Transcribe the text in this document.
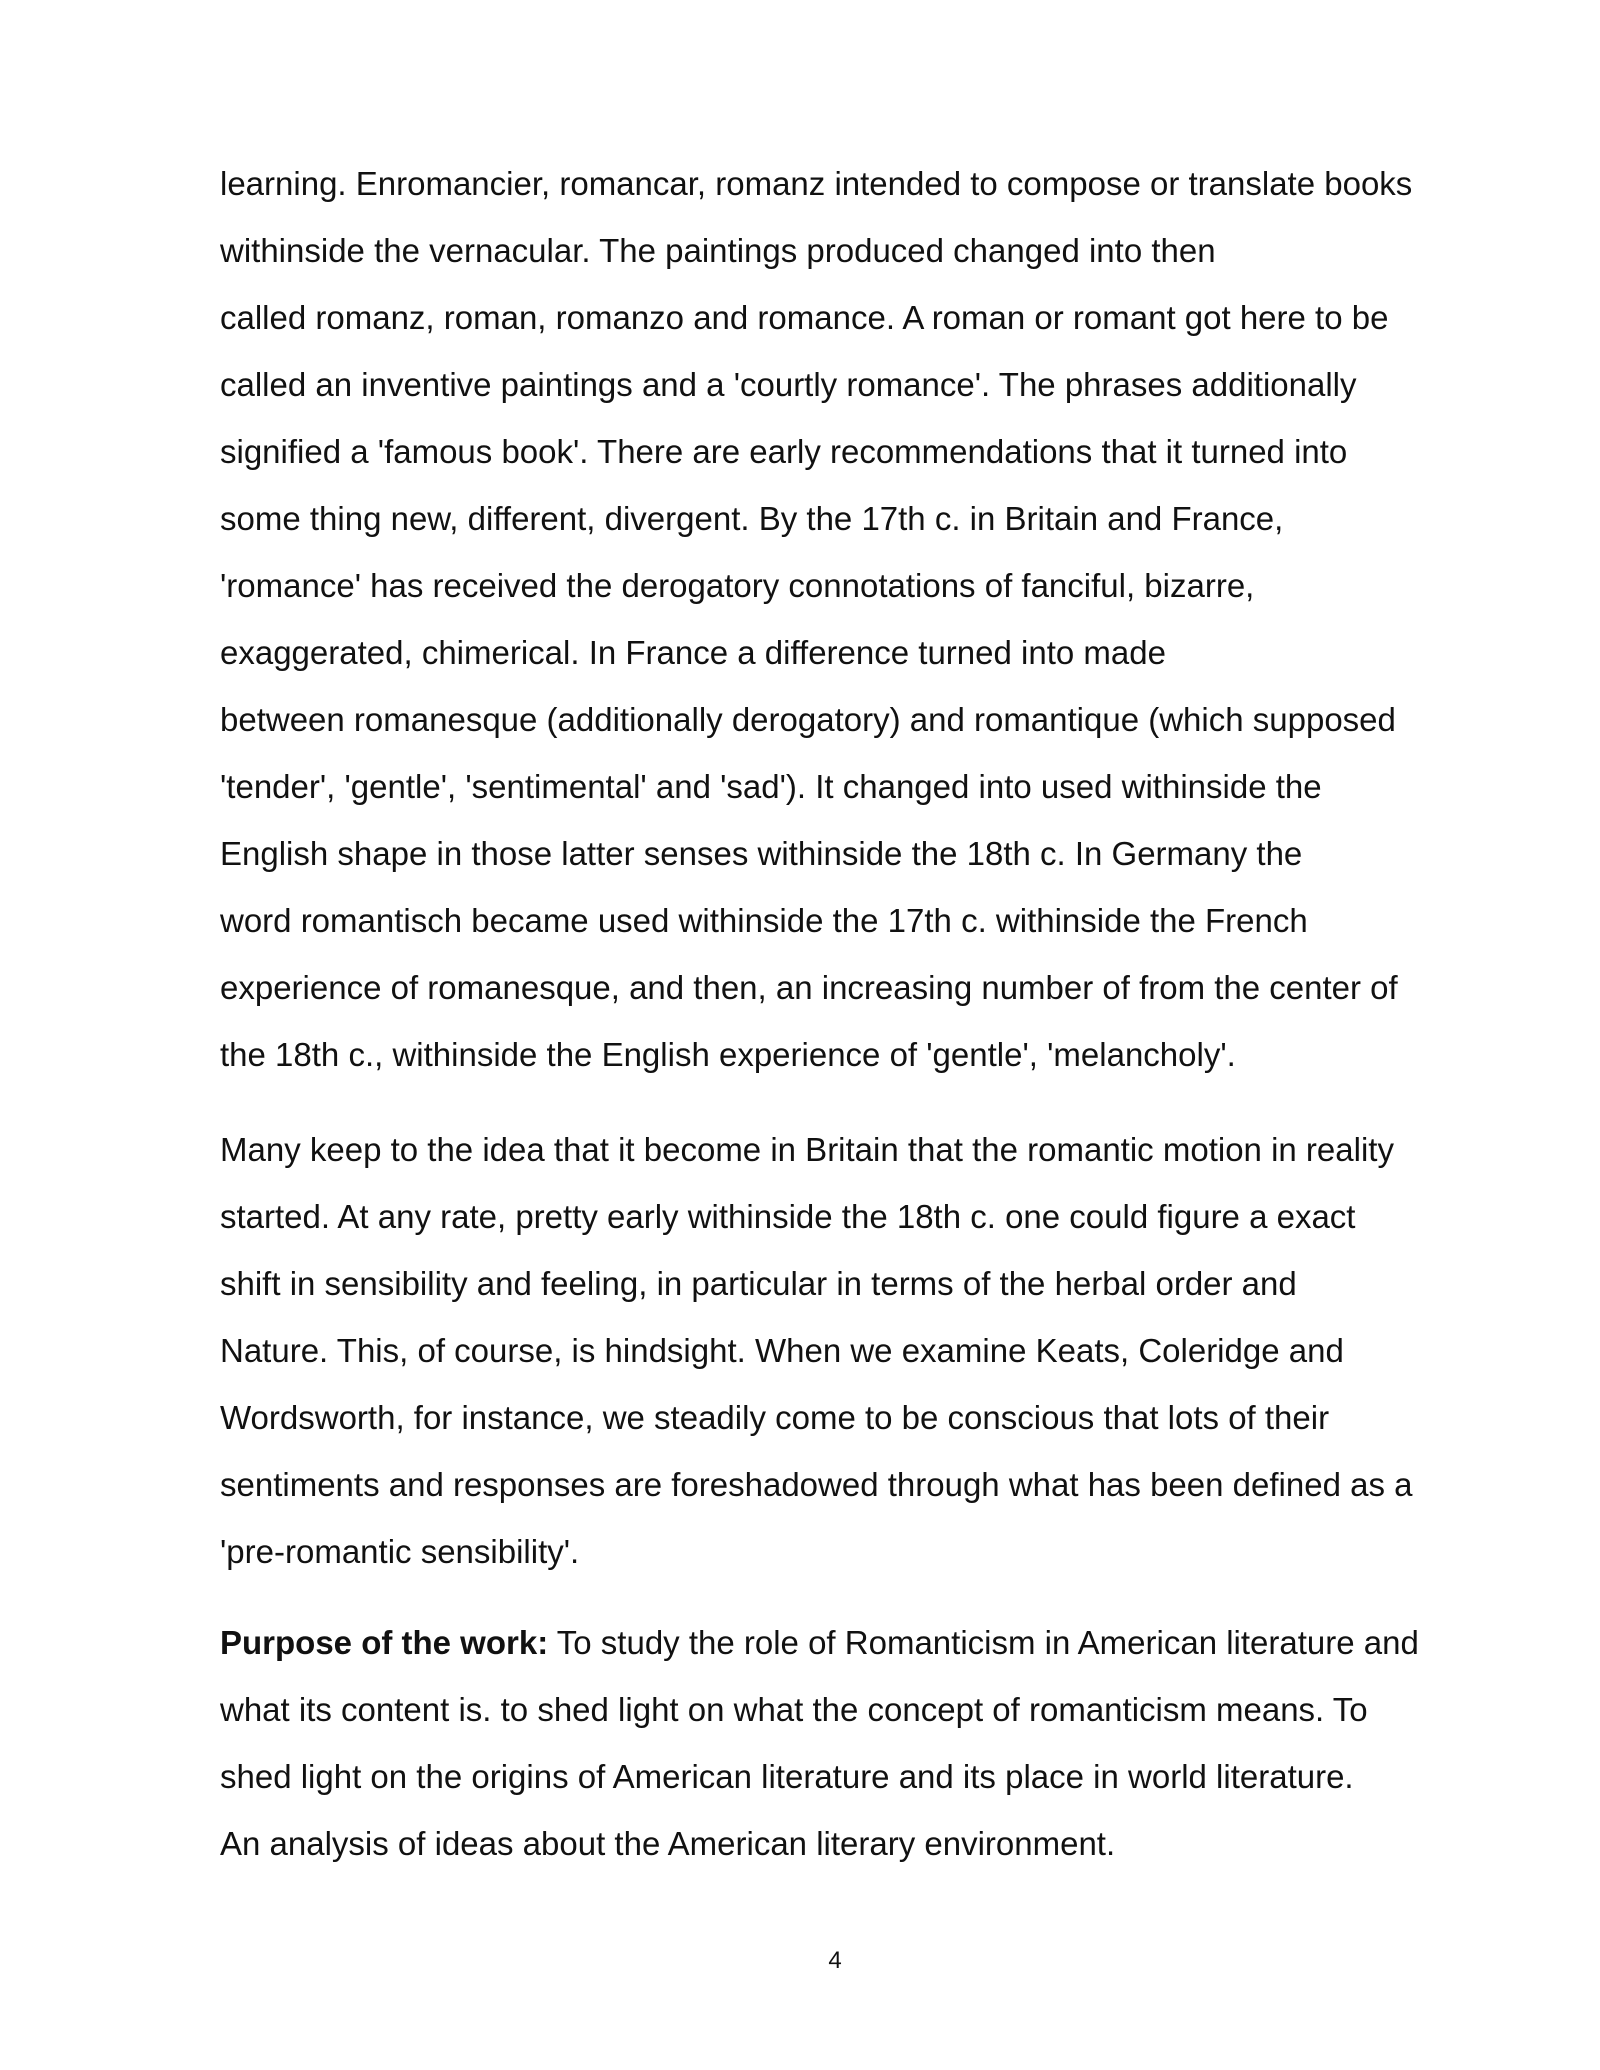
learning. Enromancier, romancar, romanz intended to compose or translate books
withinside the vernacular. The paintings produced changed into then
called romanz, roman, romanzo and romance. A roman or romant got here to be
called an inventive paintings and a 'courtly romance'. The phrases additionally
signified a 'famous book'. There are early recommendations that it turned into
some thing new, different, divergent. By the 17th c. in Britain and France,
'romance' has received the derogatory connotations of fanciful, bizarre,
exaggerated, chimerical. In France a difference turned into made
between romanesque (additionally derogatory) and romantique (which supposed
'tender', 'gentle', 'sentimental' and 'sad'). It changed into used withinside the
English shape in those latter senses withinside the 18th c. In Germany the
word romantisch became used withinside the 17th c. withinside the French
experience of romanesque, and then, an increasing number of from the center of
the 18th c., withinside the English experience of 'gentle', 'melancholy'.
Many keep to the idea that it become in Britain that the romantic motion in reality
started. At any rate, pretty early withinside the 18th c. one could figure a exact
shift in sensibility and feeling, in particular in terms of the herbal order and
Nature. This, of course, is hindsight. When we examine Keats, Coleridge and
Wordsworth, for instance, we steadily come to be conscious that lots of their
sentiments and responses are foreshadowed through what has been defined as a
'pre-romantic sensibility'.
Purpose of the work: To study the role of Romanticism in American literature and
what its content is. to shed light on what the concept of romanticism means. To
shed light on the origins of American literature and its place in world literature.
An analysis of ideas about the American literary environment.
4
